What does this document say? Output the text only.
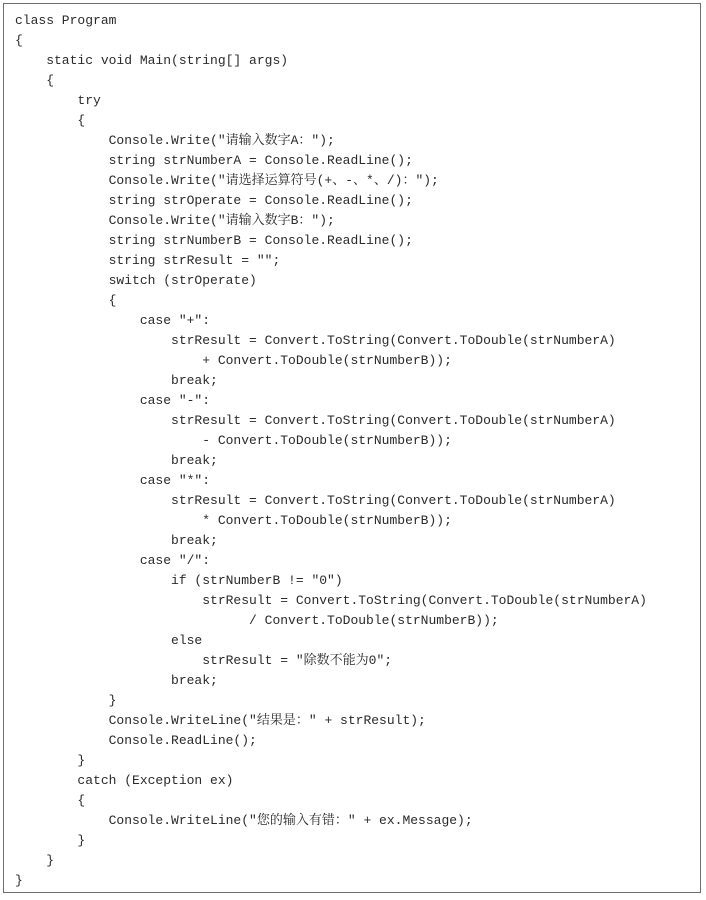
class Program
{
static void Main(string[] args)
{
try
{
Console.Write("请输入数字A：");
string strNumberA = Console.ReadLine();
Console.Write("请选择运算符号(+、-、*、/)：");
string strOperate = Console.ReadLine();
Console.Write("请输入数字B：");
string strNumberB = Console.ReadLine();
string strResult = "";
switch (strOperate)
{
case "+":
strResult = Convert.ToString(Convert.ToDouble(strNumberA)
+ Convert.ToDouble(strNumberB));
break;
case "-":
strResult = Convert.ToString(Convert.ToDouble(strNumberA)
- Convert.ToDouble(strNumberB));
break;
case "*":
strResult = Convert.ToString(Convert.ToDouble(strNumberA)
* Convert.ToDouble(strNumberB));
break;
case "/":
if (strNumberB != "0")
strResult = Convert.ToString(Convert.ToDouble(strNumberA)
/ Convert.ToDouble(strNumberB));
else
strResult = "除数不能为0";
break;
}
Console.WriteLine("结果是：" + strResult);
Console.ReadLine();
}
catch (Exception ex)
{
Console.WriteLine("您的输入有错：" + ex.Message);
}
}
}
